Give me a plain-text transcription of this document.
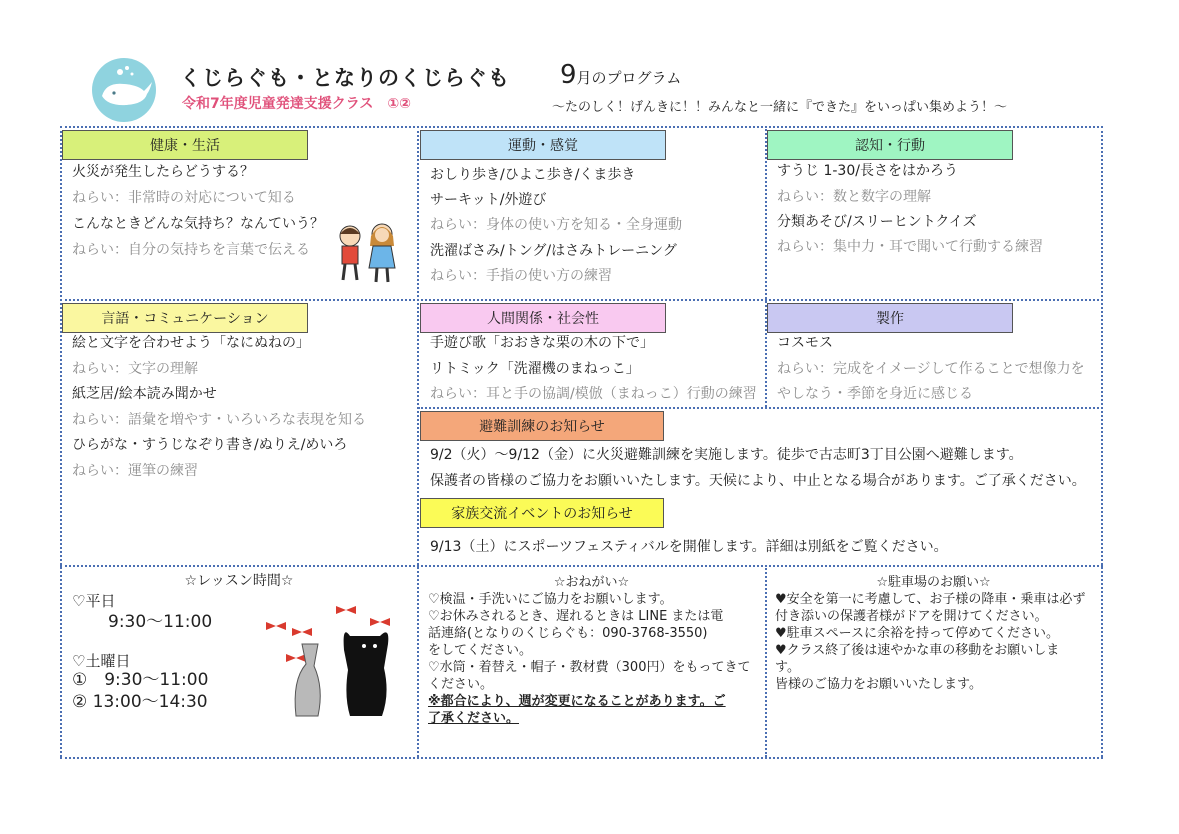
くじらぐも・となりのくじらぐも
令和7年度児童発達支援クラス　①②
9月のプログラム
～たのしく！げんきに！！みんなと一緒に『できた』をいっぱい集めよう！～
健康・生活
火災が発生したらどうする？
ねらい：非常時の対応について知る
こんなときどんな気持ち？なんていう？
ねらい：自分の気持ちを言葉で伝える
運動・感覚
おしり歩き/ひよこ歩き/くま歩き
サーキット/外遊び
ねらい：身体の使い方を知る・全身運動
洗濯ばさみ/トング/はさみトレーニング
ねらい：手指の使い方の練習
認知・行動
すうじ 1-30/長さをはかろう
ねらい：数と数字の理解
分類あそび/スリーヒントクイズ
ねらい：集中力・耳で聞いて行動する練習
言語・コミュニケーション
絵と文字を合わせよう「なにぬねの」
ねらい：文字の理解
紙芝居/絵本読み聞かせ
ねらい：語彙を増やす・いろいろな表現を知る
ひらがな・すうじなぞり書き/ぬりえ/めいろ
ねらい：運筆の練習
人間関係・社会性
手遊び歌「おおきな栗の木の下で」
リトミック「洗濯機のまねっこ」
ねらい：耳と手の協調/模倣（まねっこ）行動の練習
製作
コスモス
ねらい：完成をイメージして作ることで想像力を
やしなう・季節を身近に感じる
避難訓練のお知らせ
9/2（火）～9/12（金）に火災避難訓練を実施します。徒歩で古志町3丁目公園へ避難します。
保護者の皆様のご協力をお願いいたします。天候により、中止となる場合があります。ご了承ください。
家族交流イベントのお知らせ
9/13（土）にスポーツフェスティバルを開催します。詳細は別紙をご覧ください。
☆レッスン時間☆
♡平日
9:30～11:00
♡土曜日
①　9:30～11:00
② 13:00～14:30
☆おねがい☆
♡検温・手洗いにご協力をお願いします。
♡お休みされるとき、遅れるときは LINE または電
話連絡(となりのくじらぐも：090-3768-3550)
をしてください。
♡水筒・着替え・帽子・教材費（300円）をもってきて
ください。
※都合により、週が変更になることがあります。ご
了承ください。
☆駐車場のお願い☆
♥安全を第一に考慮して、お子様の降車・乗車は必ず
付き添いの保護者様がドアを開けてください。
♥駐車スペースに余裕を持って停めてください。
♥クラス終了後は速やかな車の移動をお願いしま
す。
皆様のご協力をお願いいたします。
